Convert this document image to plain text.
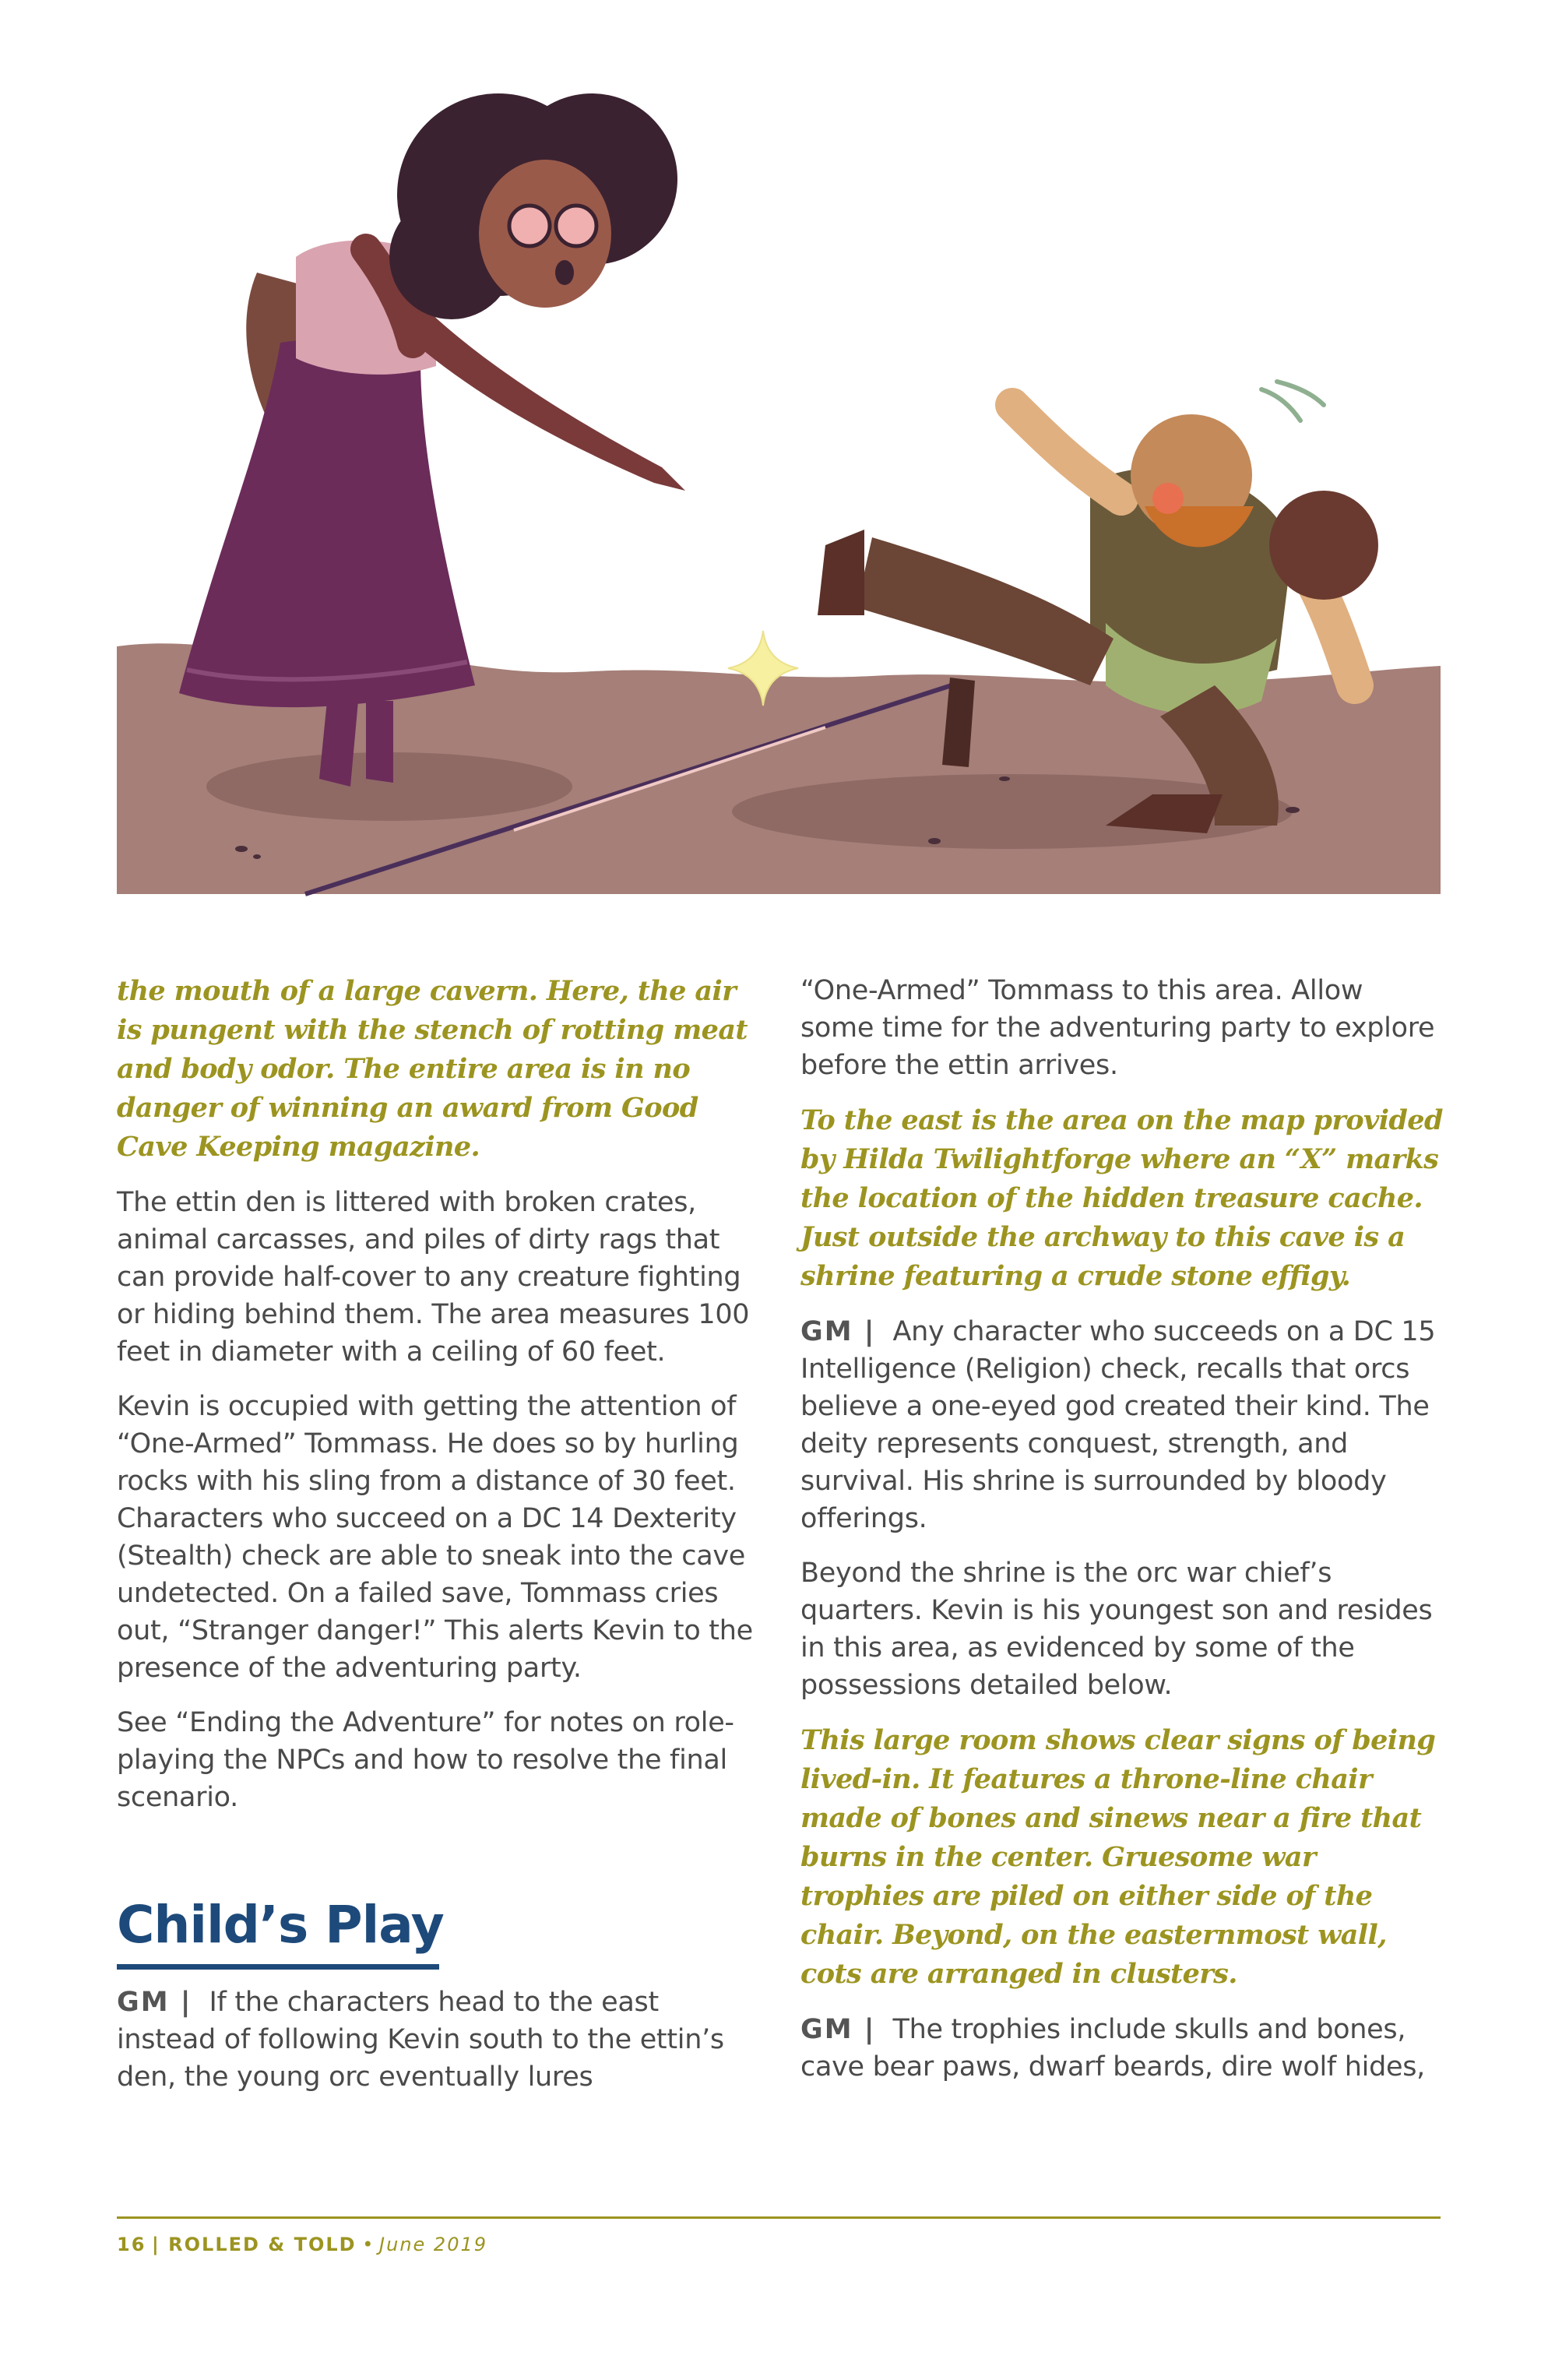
the mouth of a large cavern. Here, the air is pungent with the stench of rotting meat and body odor. The entire area is in no danger of winning an award from Good Cave Keeping magazine.

The ettin den is littered with broken crates, animal carcasses, and piles of dirty rags that can provide half-cover to any creature fighting or hiding behind them. The area measures 100 feet in diameter with a ceiling of 60 feet.

Kevin is occupied with getting the attention of “One-Armed” Tommass. He does so by hurling rocks with his sling from a distance of 30 feet. Characters who succeed on a DC 14 Dexterity (Stealth) check are able to sneak into the cave undetected. On a failed save, Tommass cries out, “Stranger danger!” This alerts Kevin to the presence of the adventuring party.

See “Ending the Adventure” for notes on role-playing the NPCs and how to resolve the final scenario.

Child’s Play

GM | If the characters head to the east instead of following Kevin south to the ettin’s den, the young orc eventually lures

“One-Armed” Tommass to this area. Allow some time for the adventuring party to explore before the ettin arrives.

To the east is the area on the map provided by Hilda Twilightforge where an “X” marks the location of the hidden treasure cache. Just outside the archway to this cave is a shrine featuring a crude stone effigy.

GM | Any character who succeeds on a DC 15 Intelligence (Religion) check, recalls that orcs believe a one-eyed god created their kind. The deity represents conquest, strength, and survival. His shrine is surrounded by bloody offerings.

Beyond the shrine is the orc war chief’s quarters. Kevin is his youngest son and resides in this area, as evidenced by some of the possessions detailed below.

This large room shows clear signs of being lived-in. It features a throne-line chair made of bones and sinews near a fire that burns in the center. Gruesome war trophies are piled on either side of the chair. Beyond, on the easternmost wall, cots are arranged in clusters.

GM | The trophies include skulls and bones, cave bear paws, dwarf beards, dire wolf hides,

16 | ROLLED & TOLD • June 2019
